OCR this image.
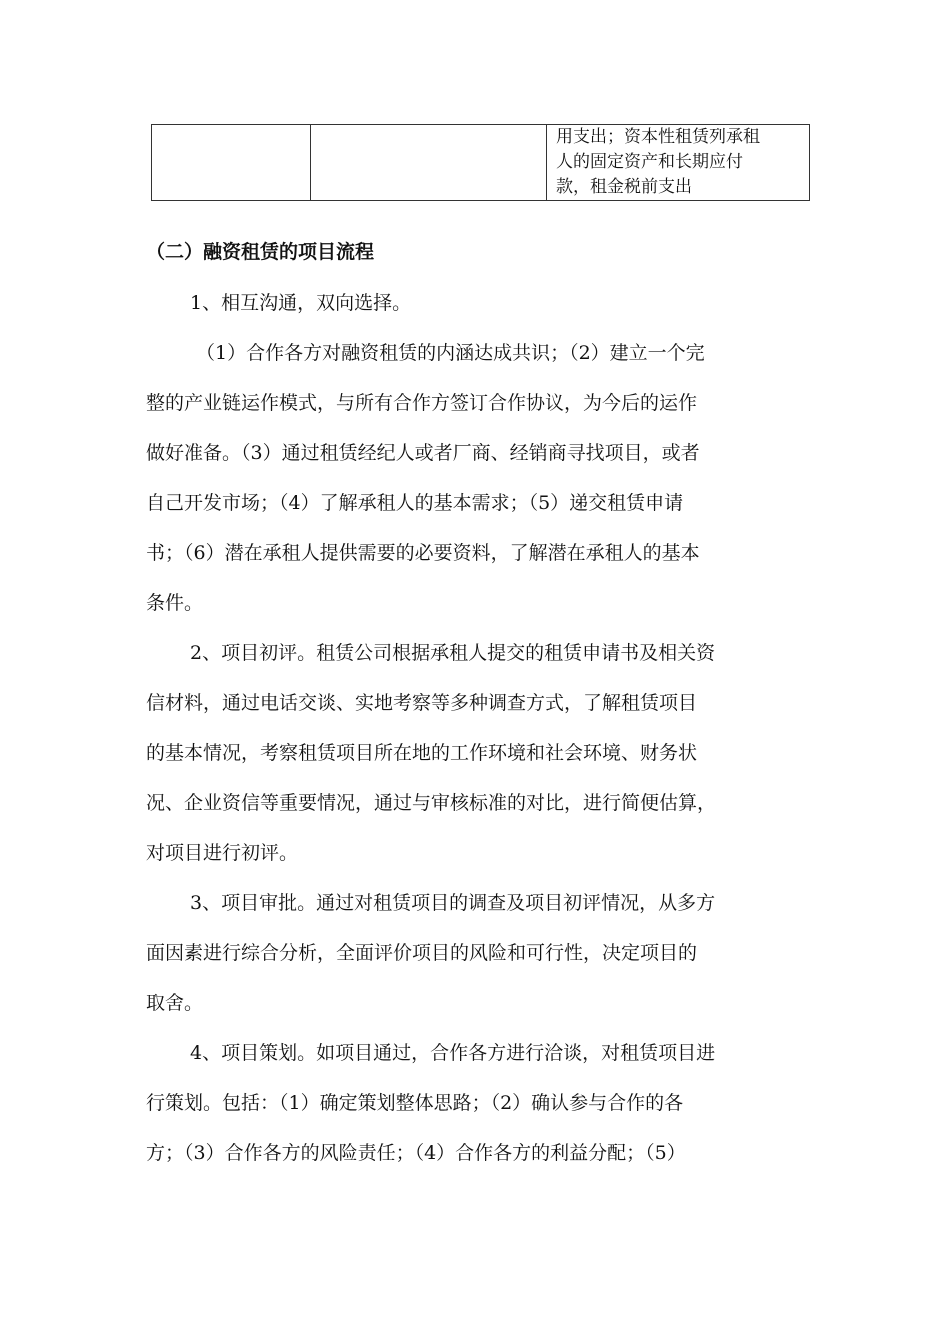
用支出；资本性租赁列承租
人的固定资产和长期应付
款，租金税前支出
（二）融资租赁的项目流程
1、相互沟通，双向选择。
（1）合作各方对融资租赁的内涵达成共识；（2）建立一个完
整的产业链运作模式，与所有合作方签订合作协议，为今后的运作
做好准备。（3）通过租赁经纪人或者厂商、经销商寻找项目，或者
自己开发市场；（4）了解承租人的基本需求；（5）递交租赁申请
书；（6）潜在承租人提供需要的必要资料，了解潜在承租人的基本
条件。
2、项目初评。租赁公司根据承租人提交的租赁申请书及相关资
信材料，通过电话交谈、实地考察等多种调查方式，了解租赁项目
的基本情况，考察租赁项目所在地的工作环境和社会环境、财务状
况、企业资信等重要情况，通过与审核标准的对比，进行简便估算，
对项目进行初评。
3、项目审批。通过对租赁项目的调查及项目初评情况，从多方
面因素进行综合分析，全面评价项目的风险和可行性，决定项目的
取舍。
4、项目策划。如项目通过，合作各方进行洽谈，对租赁项目进
行策划。包括：（1）确定策划整体思路；（2）确认参与合作的各
方；（3）合作各方的风险责任；（4）合作各方的利益分配；（5）
